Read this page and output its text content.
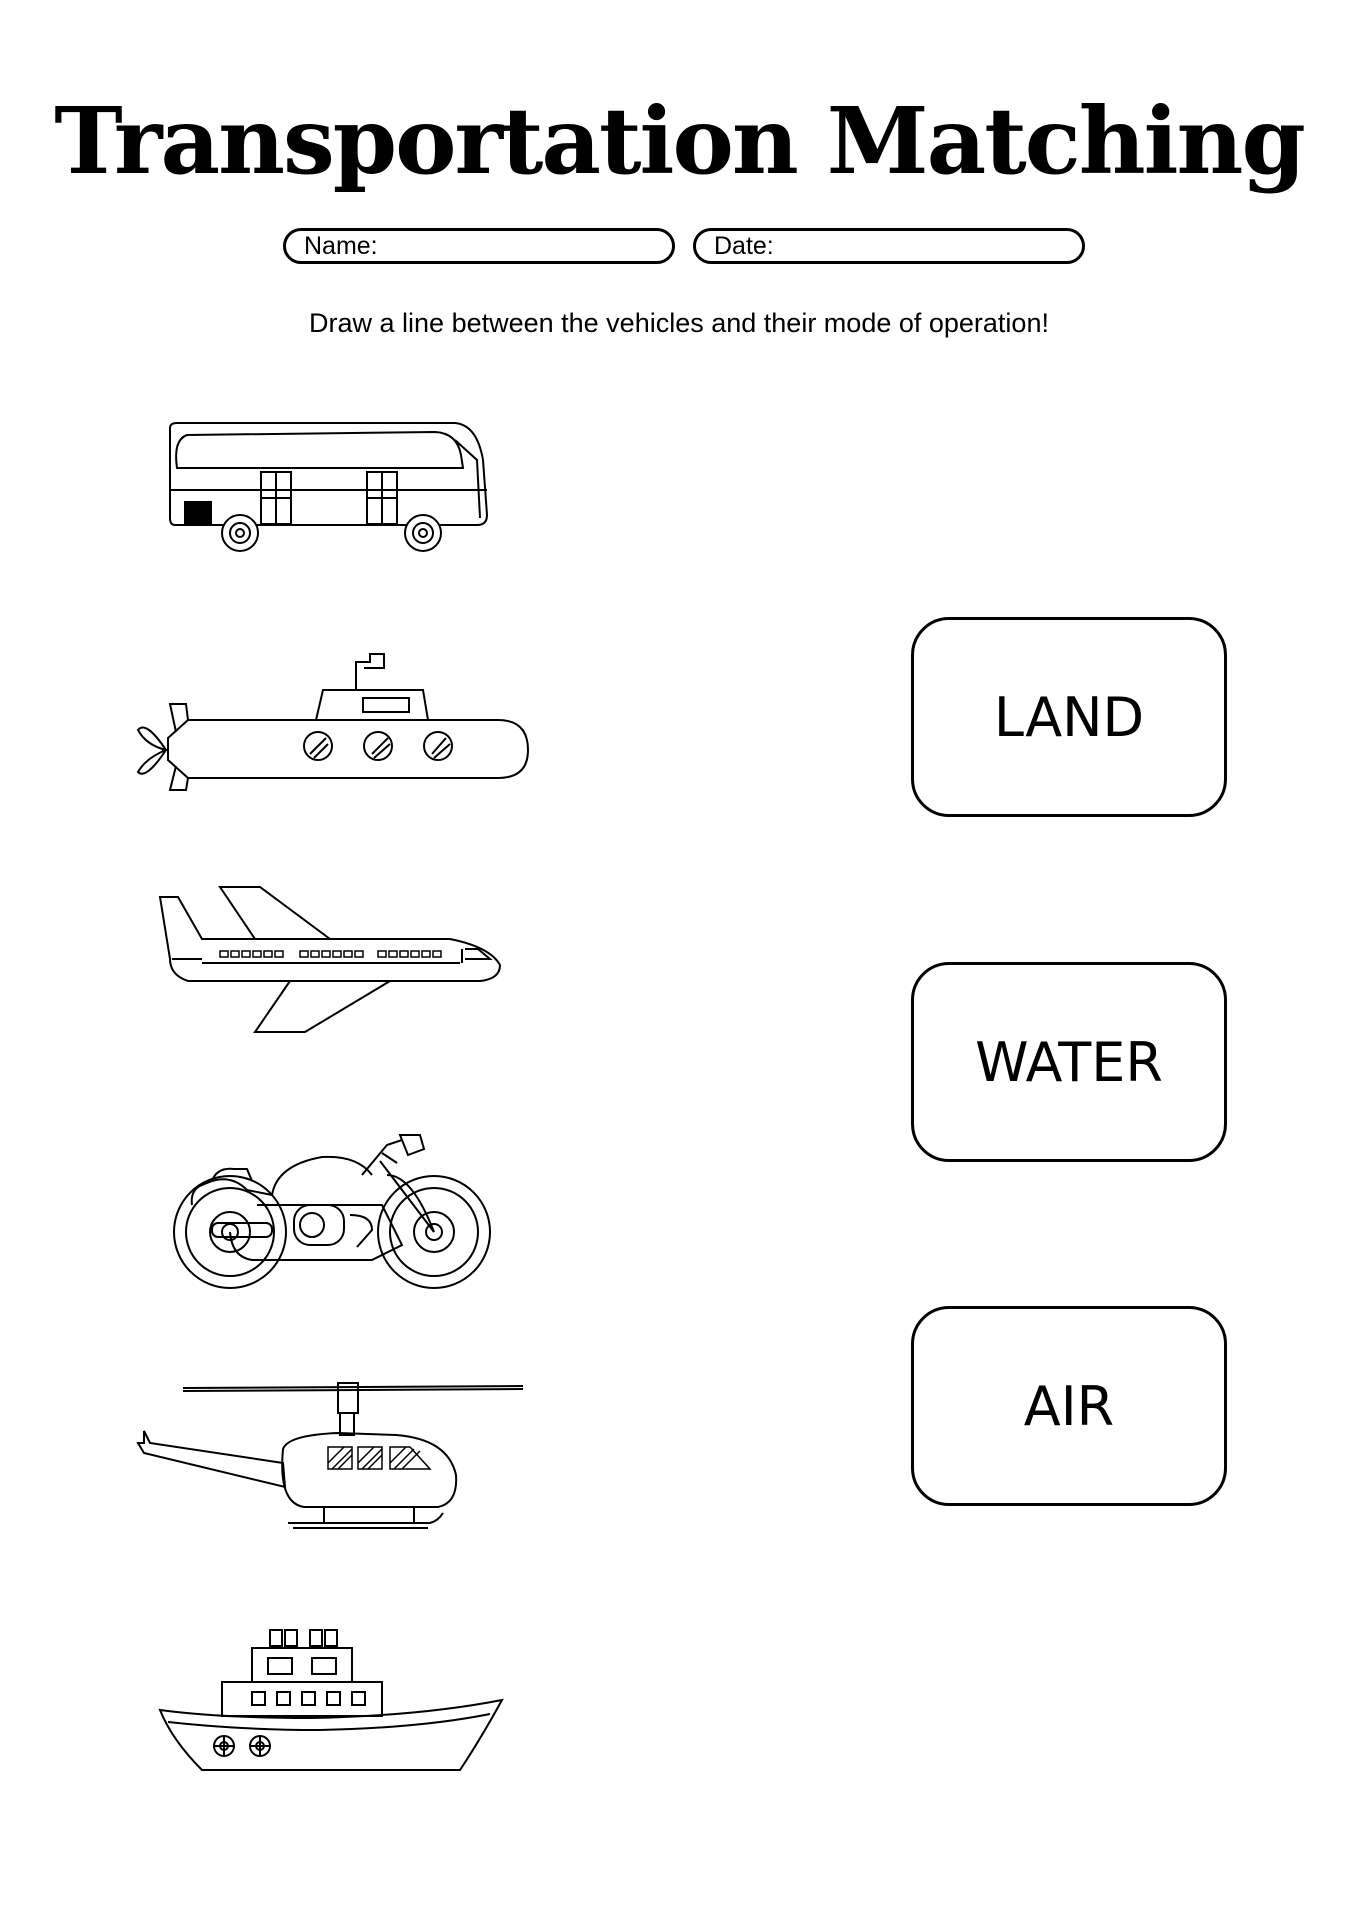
Transportation Matching
Name:	Date:
Draw a line between the vehicles and their mode of operation!
LAND
WATER
AIR
